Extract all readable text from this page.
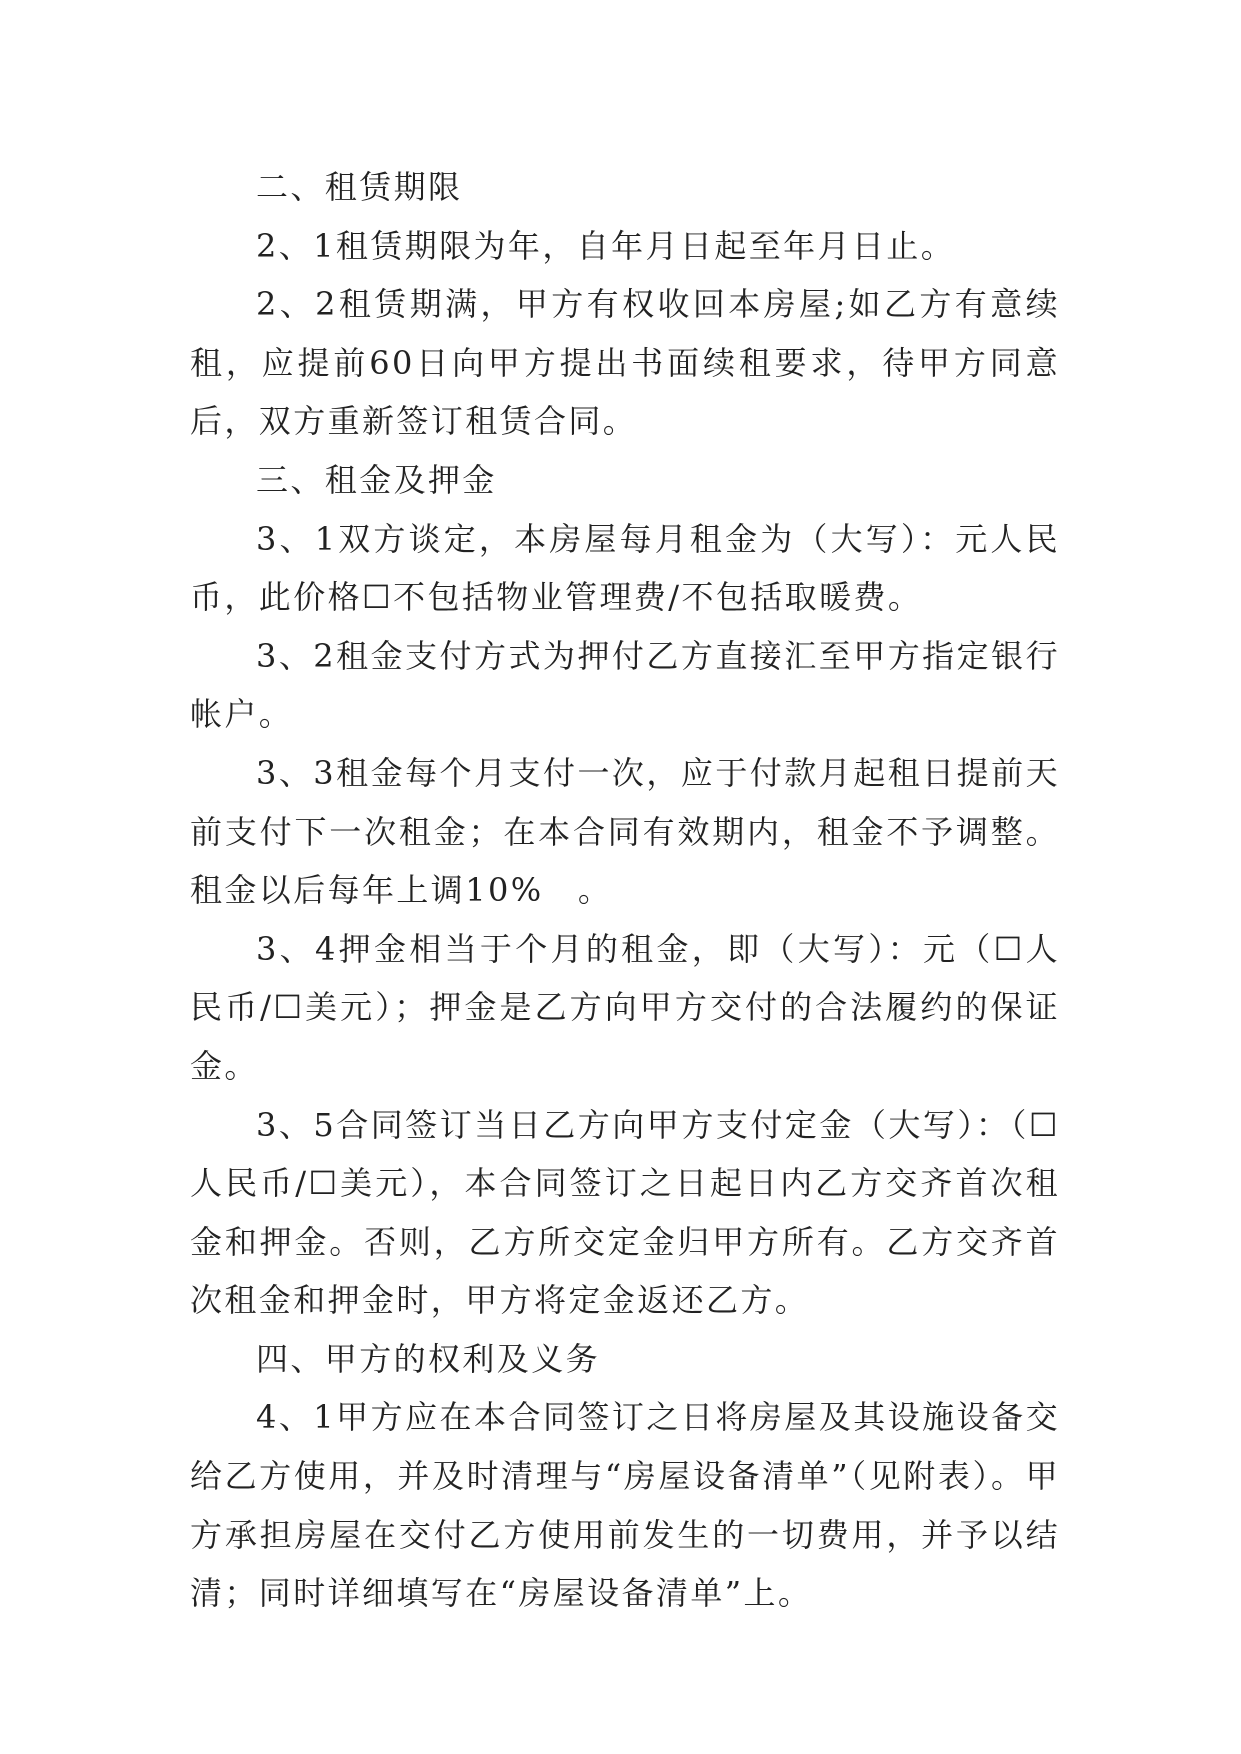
二、租赁期限

2、1租赁期限为年，自年月日起至年月日止。

2、2租赁期满，甲方有权收回本房屋;如乙方有意续租，应提前60日向甲方提出书面续租要求，待甲方同意后，双方重新签订租赁合同。

三、租金及押金

3、1双方谈定，本房屋每月租金为（大写）：元人民币，此价格☐不包括物业管理费/不包括取暖费。

3、2租金支付方式为押付乙方直接汇至甲方指定银行帐户。

3、3租金每个月支付一次，应于付款月起租日提前天前支付下一次租金；在本合同有效期内，租金不予调整。租金以后每年上调10%　。

3、4押金相当于个月的租金，即（大写）：元（☐人民币/☐美元）；押金是乙方向甲方交付的合法履约的保证金。

3、5合同签订当日乙方向甲方支付定金（大写）：（☐人民币/☐美元），本合同签订之日起日内乙方交齐首次租金和押金。否则，乙方所交定金归甲方所有。乙方交齐首次租金和押金时，甲方将定金返还乙方。

四、甲方的权利及义务

4、1甲方应在本合同签订之日将房屋及其设施设备交给乙方使用，并及时清理与“房屋设备清单”（见附表）。甲方承担房屋在交付乙方使用前发生的一切费用，并予以结清；同时详细填写在“房屋设备清单”上。
